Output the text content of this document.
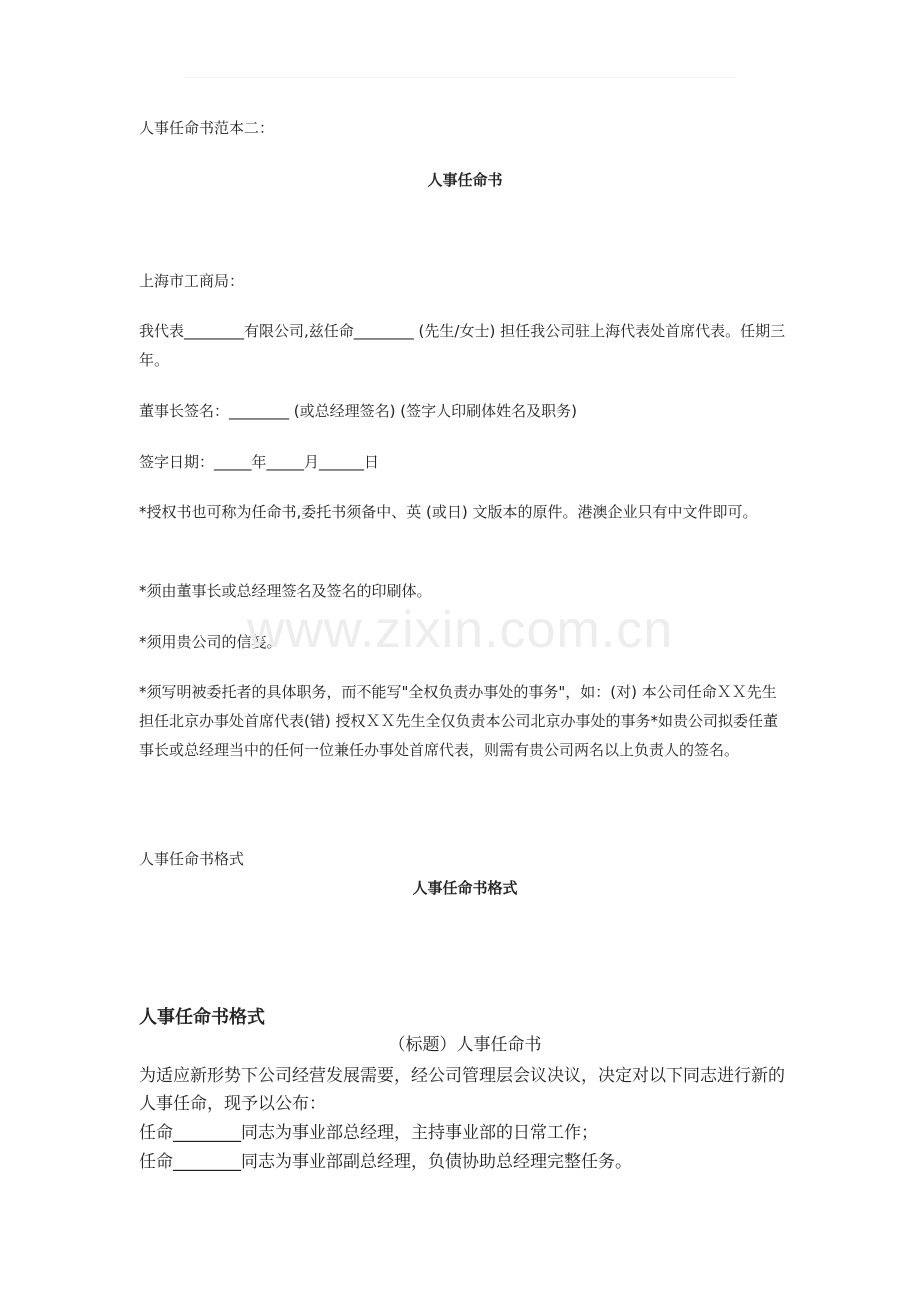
人事任命书范本二：
人事任命书
上海市工商局：
我代表________有限公司,兹任命________ (先生/女士) 担任我公司驻上海代表处首席代表。任期三年。
董事长签名：________ (或总经理签名) (签字人印刷体姓名及职务)
签字日期：_____年_____月______日
*授权书也可称为任命书,委托书须备中、英 (或日) 文版本的原件。港澳企业只有中文件即可。
*须由董事长或总经理签名及签名的印刷体。
*须用贵公司的信笺。
*须写明被委托者的具体职务，而不能写"全权负责办事处的事务"，如：(对) 本公司任命ＸＸ先生担任北京办事处首席代表(错) 授权ＸＸ先生全仅负责本公司北京办事处的事务*如贵公司拟委任董事长或总经理当中的任何一位兼任办事处首席代表，则需有贵公司两名以上负责人的签名。
人事任命书格式
人事任命书格式
人事任命书格式
（标题）人事任命书
为适应新形势下公司经营发展需要，经公司管理层会议决议，决定对以下同志进行新的人事任命，现予以公布：
任命________同志为事业部总经理，主持事业部的日常工作；
任命________同志为事业部副总经理，负债协助总经理完整任务。
www.zixin.com.cn
